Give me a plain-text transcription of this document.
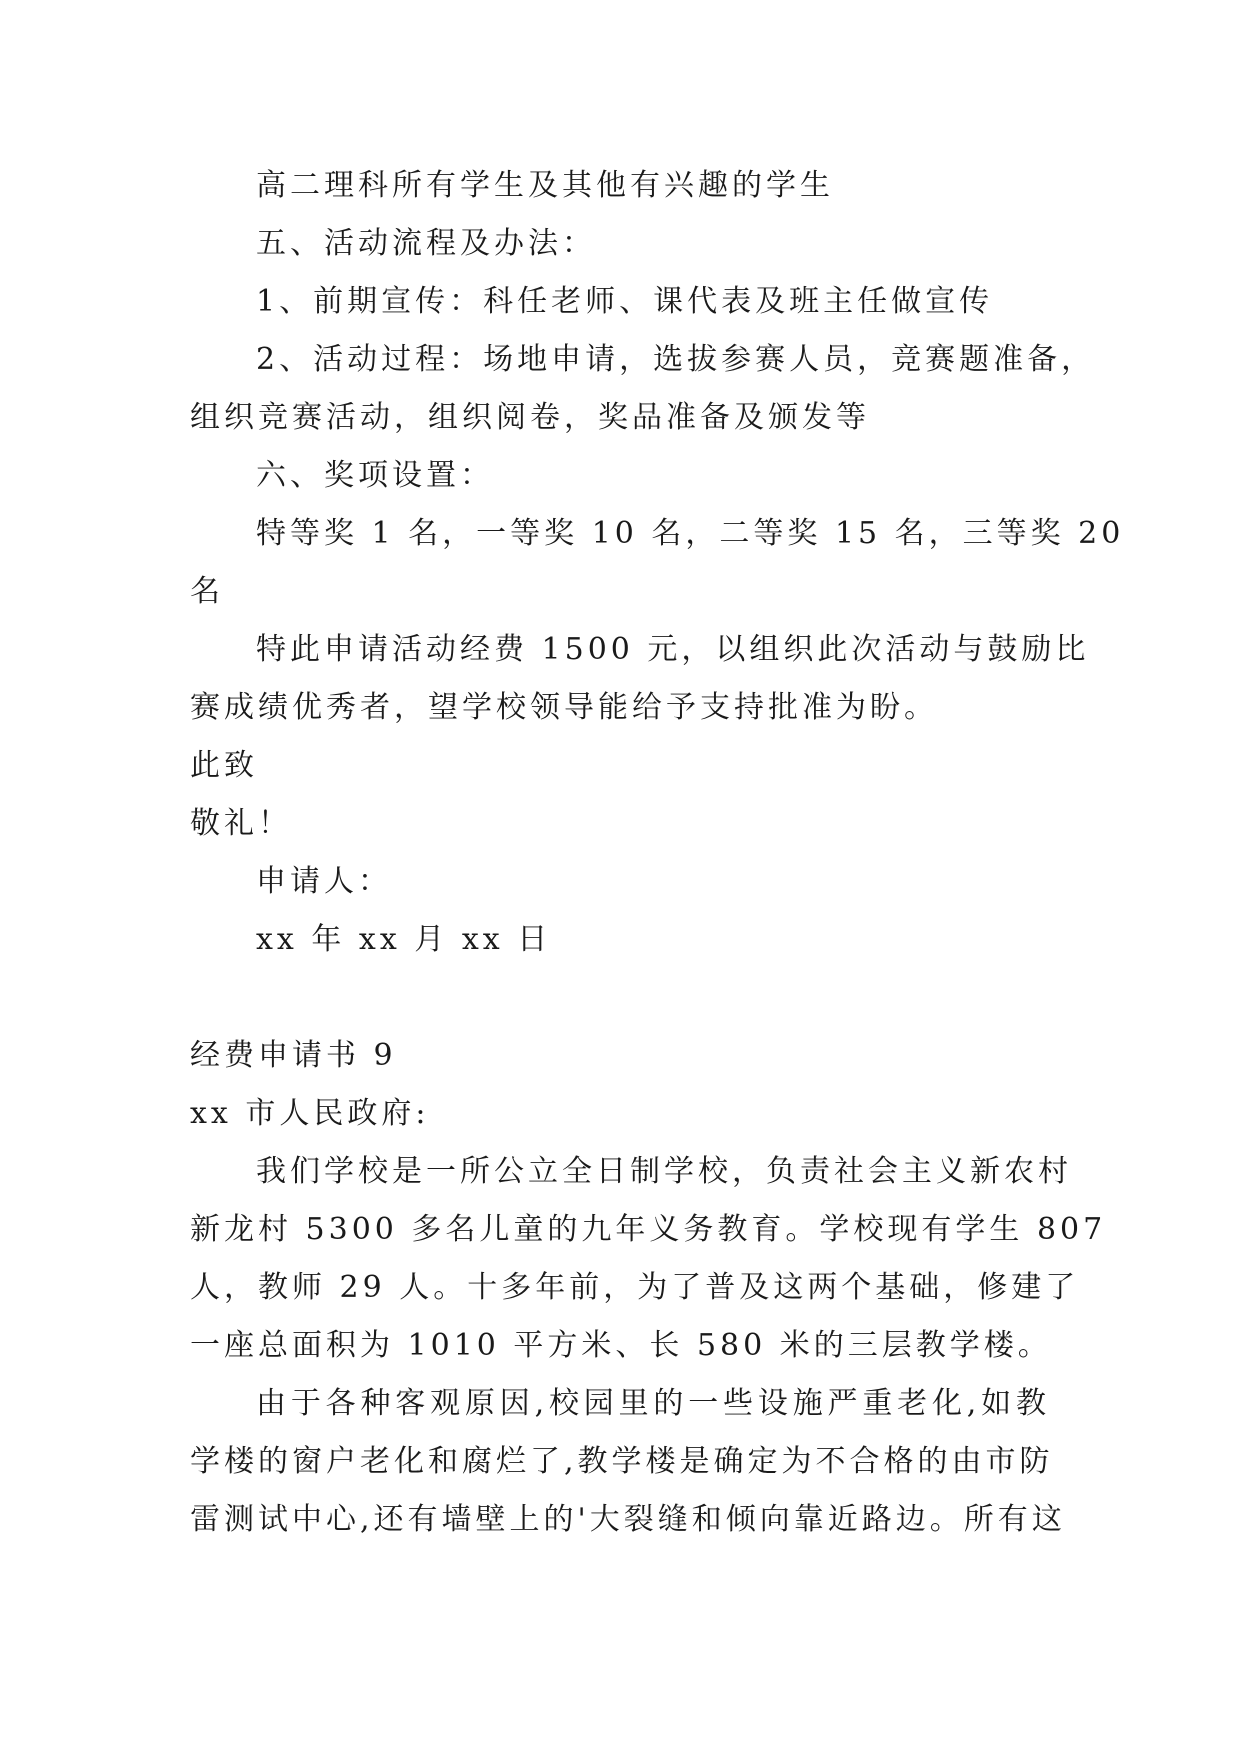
高二理科所有学生及其他有兴趣的学生
五、活动流程及办法：
1、前期宣传：科任老师、课代表及班主任做宣传
2、活动过程：场地申请，选拔参赛人员，竞赛题准备，
组织竞赛活动，组织阅卷，奖品准备及颁发等
六、奖项设置：
特等奖 1 名，一等奖 10 名，二等奖 15 名，三等奖 20
名
特此申请活动经费 1500 元，以组织此次活动与鼓励比
赛成绩优秀者，望学校领导能给予支持批准为盼。
此致
敬礼！
申请人：
xx 年 xx 月 xx 日
经费申请书 9
xx 市人民政府:
我们学校是一所公立全日制学校，负责社会主义新农村
新龙村 5300 多名儿童的九年义务教育。学校现有学生 807
人，教师 29 人。十多年前，为了普及这两个基础，修建了
一座总面积为 1010 平方米、长 580 米的三层教学楼。
由于各种客观原因,校园里的一些设施严重老化,如教
学楼的窗户老化和腐烂了,教学楼是确定为不合格的由市防
雷测试中心,还有墙壁上的'大裂缝和倾向靠近路边。所有这
